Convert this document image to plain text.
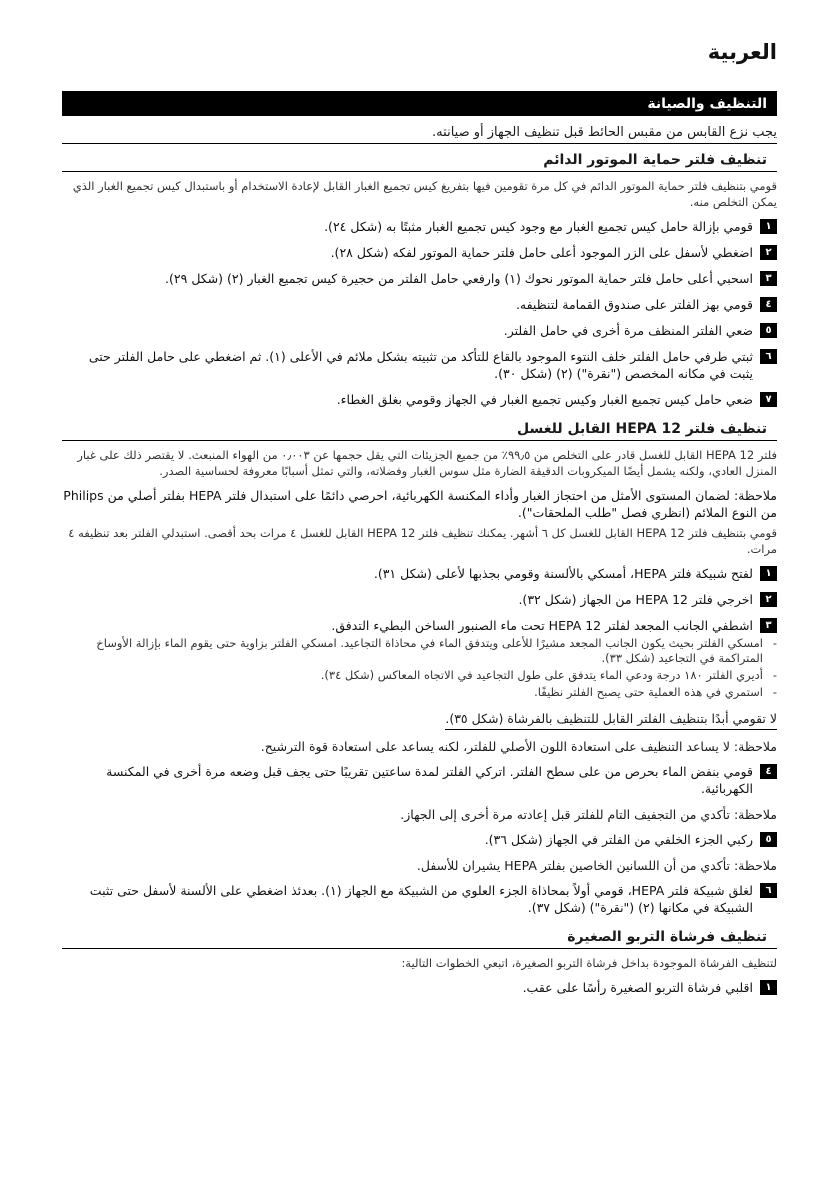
العربية
التنظيف والصيانة
يجب نزع القابس من مقبس الحائط قبل تنظيف الجهاز أو صيانته.
تنظيف فلتر حماية الموتور الدائم

قومي بتنظيف فلتر حماية الموتور الدائم في كل مرة تقومين فيها بتفريغ كيس تجميع الغبار القابل لإعادة الاستخدام أو باستبدال كيس تجميع الغبار الذي يمكن التخلص منه.

١
قومي بإزالة حامل كيس تجميع الغبار مع وجود كيس تجميع الغبار مثبتًا به (شكل ٢٤).
٢
اضغطي لأسفل على الزر الموجود أعلى حامل فلتر حماية الموتور لفكه (شكل ٢٨).
٣
اسحبي أعلى حامل فلتر حماية الموتور نحوك (١) وارفعي حامل الفلتر من حجيرة كيس تجميع الغبار (٢) (شكل ٢٩).
٤
قومي بهز الفلتر على صندوق القمامة لتنظيفه.
٥
ضعي الفلتر المنظف مرة أخرى في حامل الفلتر.
٦
ثبتي طرفي حامل الفلتر خلف النتوء الموجود بالقاع للتأكد من تثبيته بشكل ملائم في الأعلى (١). ثم اضغطي على حامل الفلتر حتى يثبت في مكانه المخصص ("نقرة") (٢) (شكل ٣٠).
٧
ضعي حامل كيس تجميع الغبار وكيس تجميع الغبار في الجهاز وقومي بغلق الغطاء.
تنظيف فلتر HEPA 12 القابل للغسل

فلتر HEPA 12 القابل للغسل قادر على التخلص من ٩٩٫٥٪ من جميع الجزيئات التي يقل حجمها عن ٠٫٠٠٣ من الهواء المنبعث. لا يقتصر ذلك على غبار المنزل العادي، ولكنه يشمل أيضًا الميكروبات الدقيقة الضارة مثل سوس الغبار وفضلاته، والتي تمثل أسبابًا معروفة لحساسية الصدر.

ملاحظة: لضمان المستوى الأمثل من احتجاز الغبار وأداء المكنسة الكهربائية، احرصي دائمًا على استبدال فلتر HEPA بفلتر أصلي من Philips من النوع الملائم (انظري فصل "طلب الملحقات").

قومي بتنظيف فلتر HEPA 12 القابل للغسل كل ٦ أشهر. يمكنك تنظيف فلتر HEPA 12 القابل للغسل ٤ مرات بحد أقصى. استبدلي الفلتر بعد تنظيفه ٤ مرات.

١
لفتح شبيكة فلتر HEPA، أمسكي بالألسنة وقومي بجذبها لأعلى (شكل ٣١).
٢
اخرجي فلتر HEPA 12 من الجهاز (شكل ٣٢).
٣
اشطفي الجانب المجعد لفلتر HEPA 12 تحت ماء الصنبور الساخن البطيء التدفق.
- امسكي الفلتر بحيث يكون الجانب المجعد مشيرًا للأعلى ويتدفق الماء في محاذاة التجاعيد. امسكي الفلتر بزاوية حتى يقوم الماء بإزالة الأوساخ المتراكمة في التجاعيد (شكل ٣٣).
- أديري الفلتر ١٨٠ درجة ودعي الماء يتدفق على طول التجاعيد في الاتجاه المعاكس (شكل ٣٤).
- استمري في هذه العملية حتى يصبح الفلتر نظيفًا.
لا تقومي أبدًا بتنظيف الفلتر القابل للتنظيف بالفرشاة (شكل ٣٥).

ملاحظة: لا يساعد التنظيف على استعادة اللون الأصلي للفلتر، لكنه يساعد على استعادة قوة الترشيح.

٤
قومي بنفض الماء بحرص من على سطح الفلتر. اتركي الفلتر لمدة ساعتين تقريبًا حتى يجف قبل وضعه مرة أخرى في المكنسة الكهربائية.

ملاحظة: تأكدي من التجفيف التام للفلتر قبل إعادته مرة أخرى إلى الجهاز.

٥
ركبي الجزء الخلفي من الفلتر في الجهاز (شكل ٣٦).

ملاحظة: تأكدي من أن اللسانين الخاصين بفلتر HEPA يشيران للأسفل.

٦
لغلق شبيكة فلتر HEPA، قومي أولاً بمحاذاة الجزء العلوي من الشبيكة مع الجهاز (١). بعدئذ اضغطي على الألسنة لأسفل حتى تثبت الشبيكة في مكانها (٢) ("نقرة") (شكل ٣٧).
تنظيف فرشاة التربو الصغيرة

لتنظيف الفرشاة الموجودة بداخل فرشاة التربو الصغيرة، اتبعي الخطوات التالية:

١
اقلبي فرشاة التربو الصغيرة رأسًا على عقب.
